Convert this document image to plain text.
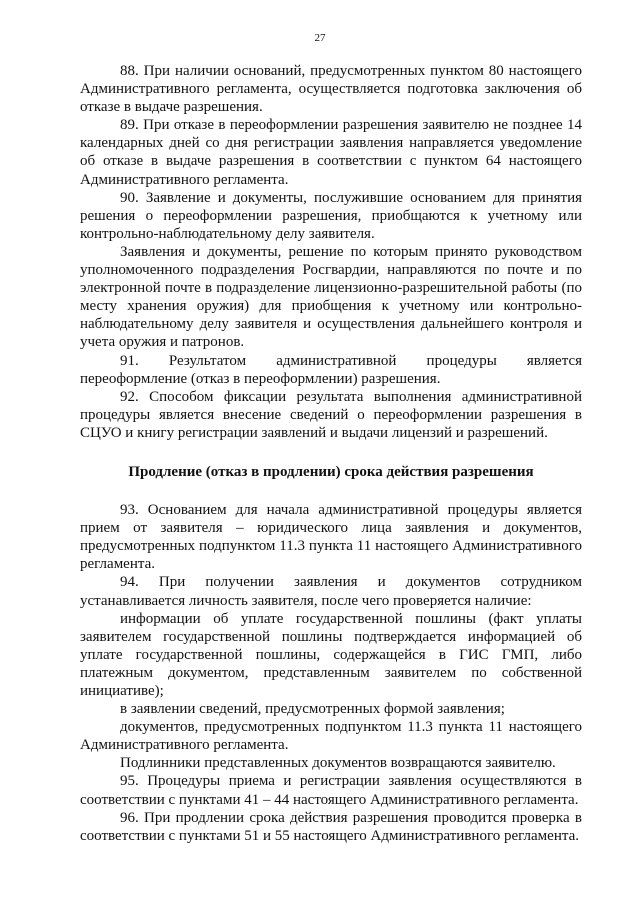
27

88. При наличии оснований, предусмотренных пунктом 80 настоящего Административного регламента, осуществляется подготовка заключения об отказе в выдаче разрешения.

89. При отказе в переоформлении разрешения заявителю не позднее 14 календарных дней со дня регистрации заявления направляется уведомление об отказе в выдаче разрешения в соответствии с пунктом 64 настоящего Административного регламента.

90. Заявление и документы, послужившие основанием для принятия решения о переоформлении разрешения, приобщаются к учетному или контрольно-наблюдательному делу заявителя.

Заявления и документы, решение по которым принято руководством уполномоченного подразделения Росгвардии, направляются по почте и по электронной почте в подразделение лицензионно-разрешительной работы (по месту хранения оружия) для приобщения к учетному или контрольно-наблюдательному делу заявителя и осуществления дальнейшего контроля и учета оружия и патронов.

91. Результатом административной процедуры является переоформление (отказ в переоформлении) разрешения.

92. Способом фиксации результата выполнения административной процедуры является внесение сведений о переоформлении разрешения в СЦУО и книгу регистрации заявлений и выдачи лицензий и разрешений.

Продление (отказ в продлении) срока действия разрешения

93. Основанием для начала административной процедуры является прием от заявителя – юридического лица заявления и документов, предусмотренных подпунктом 11.3 пункта 11 настоящего Административного регламента.

94. При получении заявления и документов сотрудником устанавливается личность заявителя, после чего проверяется наличие:

информации об уплате государственной пошлины (факт уплаты заявителем государственной пошлины подтверждается информацией об уплате государственной пошлины, содержащейся в ГИС ГМП, либо платежным документом, представленным заявителем по собственной инициативе);

в заявлении сведений, предусмотренных формой заявления;

документов, предусмотренных подпунктом 11.3 пункта 11 настоящего Административного регламента.

Подлинники представленных документов возвращаются заявителю.

95. Процедуры приема и регистрации заявления осуществляются в соответствии с пунктами 41 – 44 настоящего Административного регламента.

96. При продлении срока действия разрешения проводится проверка в соответствии с пунктами 51 и 55 настоящего Административного регламента.
